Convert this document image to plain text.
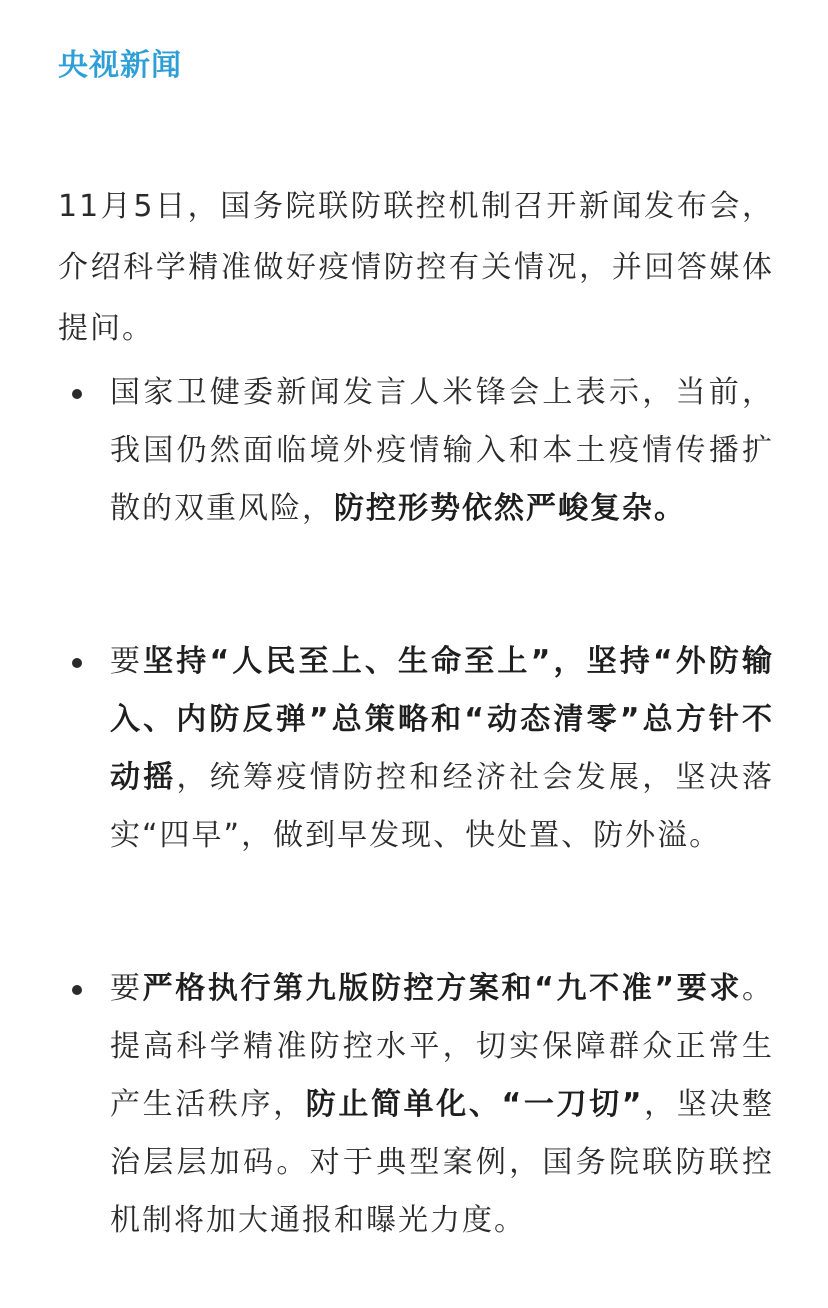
央视新闻

11月5日，国务院联防联控机制召开新闻发布会，介绍科学精准做好疫情防控有关情况，并回答媒体提问。

国家卫健委新闻发言人米锋会上表示，当前，我国仍然面临境外疫情输入和本土疫情传播扩散的双重风险，防控形势依然严峻复杂。
要坚持“人民至上、生命至上”，坚持“外防输入、内防反弹”总策略和“动态清零”总方针不动摇，统筹疫情防控和经济社会发展，坚决落实“四早”，做到早发现、快处置、防外溢。
要严格执行第九版防控方案和“九不准”要求。提高科学精准防控水平，切实保障群众正常生产生活秩序，防止简单化、“一刀切”，坚决整治层层加码。对于典型案例，国务院联防联控机制将加大通报和曝光力度。
